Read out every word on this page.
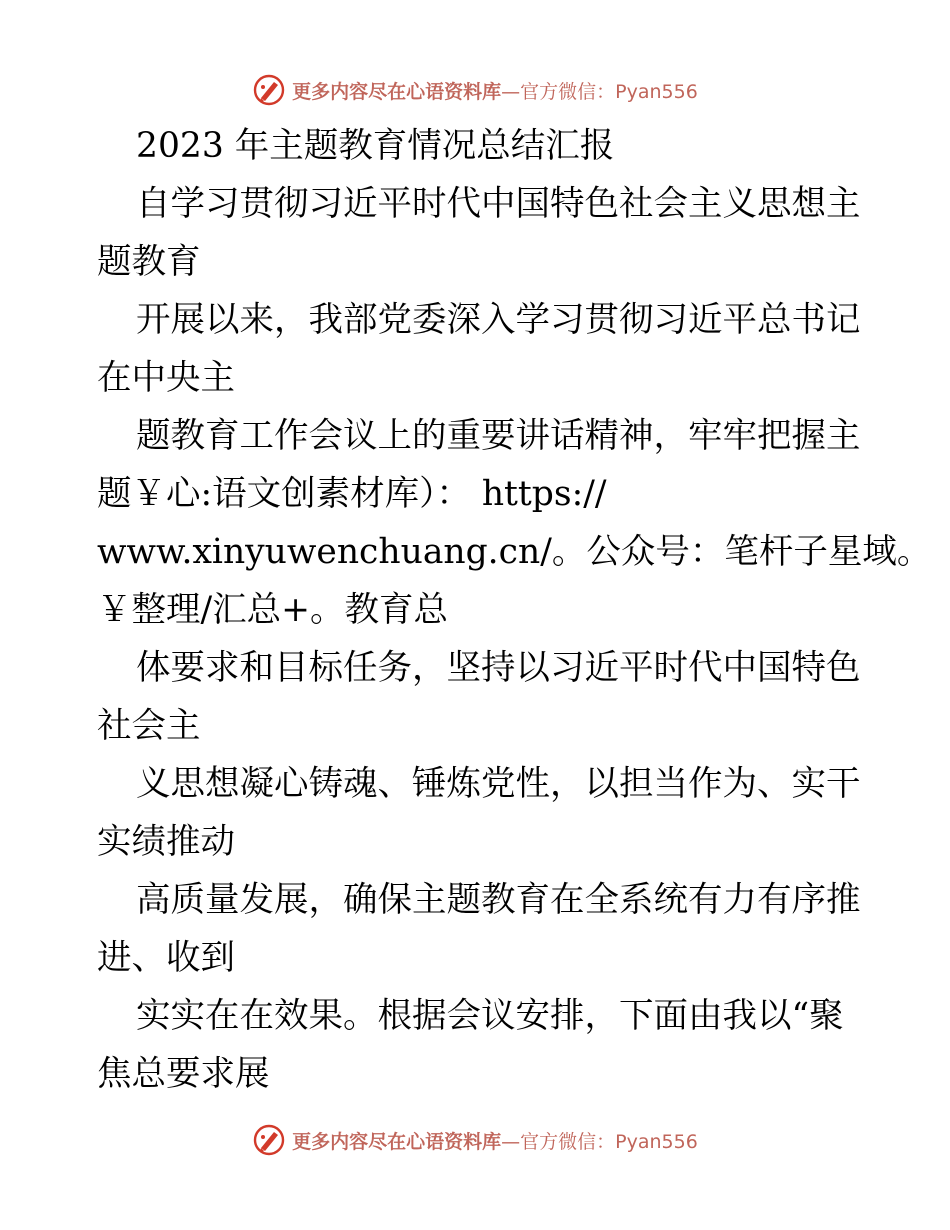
更多内容尽在心语资料库—官方微信：Pyan556
2023 年主题教育情况总结汇报
自学习贯彻习近平时代中国特色社会主义思想主
题教育
开展以来，我部党委深入学习贯彻习近平总书记
在中央主
题教育工作会议上的重要讲话精神，牢牢把握主
题￥心:语文创素材库）： https://
www.xinyuwenchuang.cn/。公众号：笔杆子星域。
￥整理/汇总+。教育总
体要求和目标任务，坚持以习近平时代中国特色
社会主
义思想凝心铸魂、锤炼党性，以担当作为、实干
实绩推动
高质量发展，确保主题教育在全系统有力有序推
进、收到
实实在在效果。根据会议安排，下面由我以“聚
焦总要求展
更多内容尽在心语资料库—官方微信：Pyan556
